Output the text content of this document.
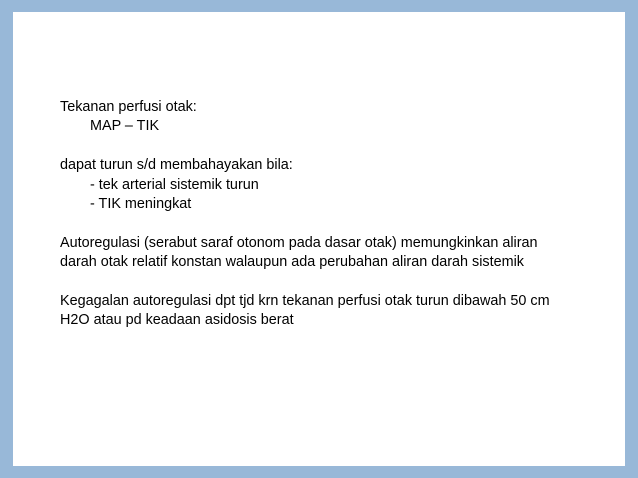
Tekanan perfusi otak:
MAP – TIK
dapat turun s/d membahayakan bila:
- tek arterial sistemik turun
- TIK meningkat
Autoregulasi (serabut saraf otonom pada dasar otak) memungkinkan aliran
darah otak relatif konstan walaupun ada perubahan aliran darah sistemik
Kegagalan autoregulasi dpt tjd krn tekanan perfusi otak turun dibawah 50 cm
H2O atau pd keadaan asidosis berat
